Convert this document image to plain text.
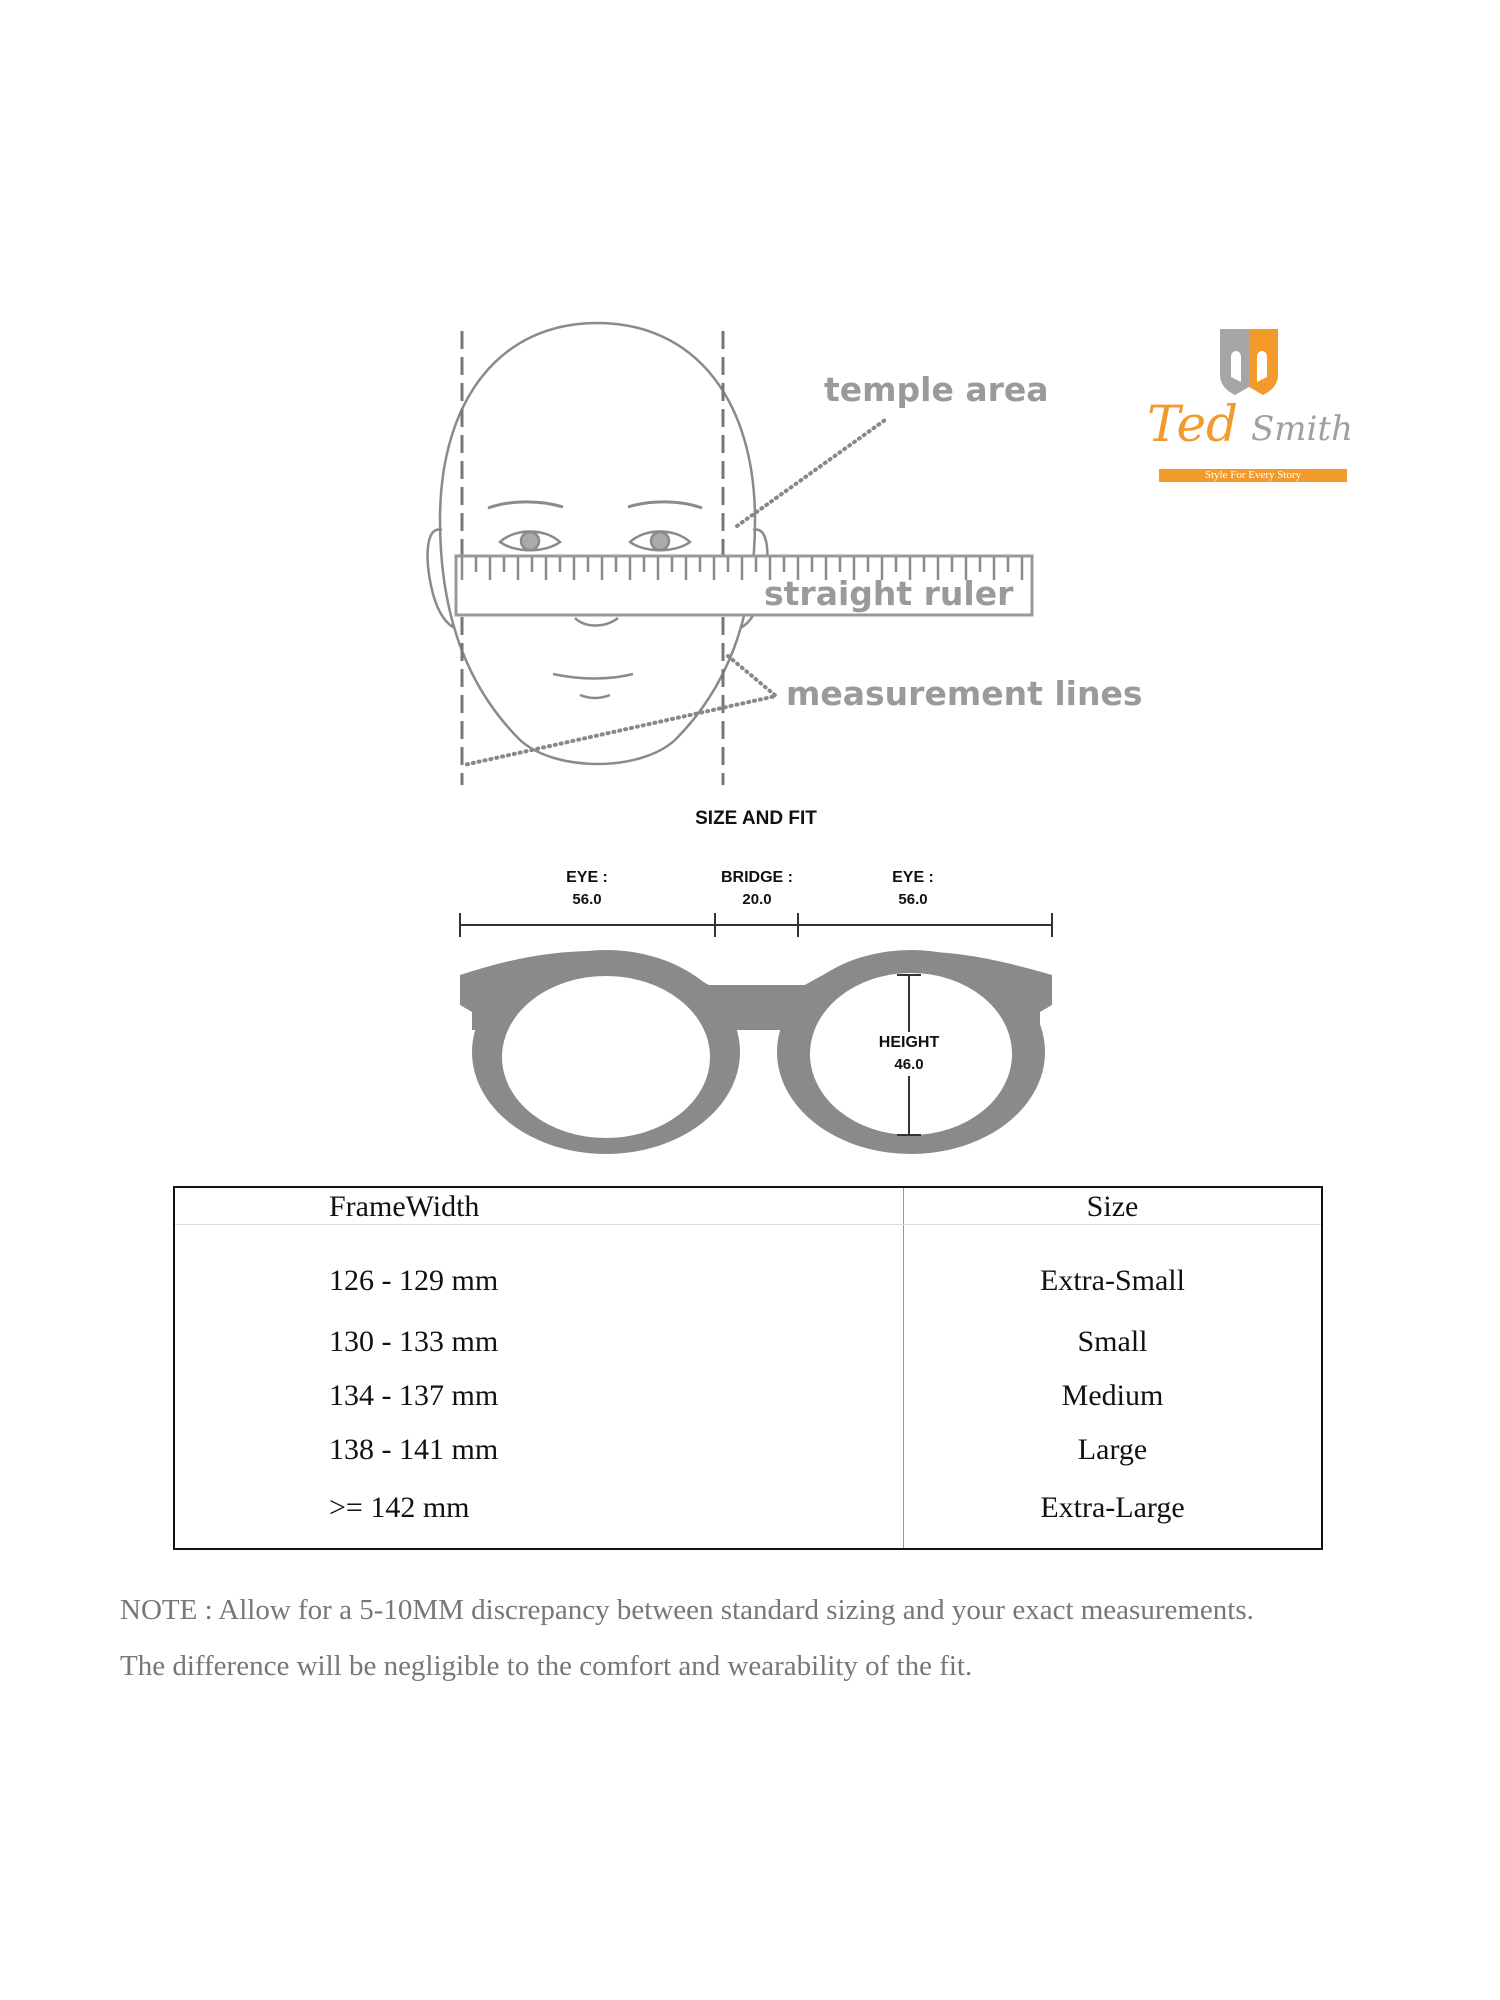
temple area
straight ruler
measurement lines
Ted Smith
Style For Every Story
SIZE AND FIT
EYE :
56.0
BRIDGE :
20.0
EYE :
56.0
HEIGHT
46.0
FrameWidth	Size
126 - 129 mm	Extra-Small
130 - 133 mm	Small
134 - 137 mm	Medium
138 - 141 mm	Large
>= 142 mm	Extra-Large
NOTE : Allow for a 5-10MM discrepancy between standard sizing and your exact measurements.
The difference will be negligible to the comfort and wearability of the fit.
